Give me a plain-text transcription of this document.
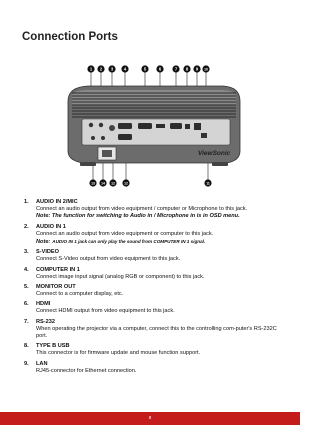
Connection Ports
ViewSonic
1 2 3	4	5	6	7 8 9 10
13 14 12	12	11
1. AUDIO IN 2/MIC
Connect an audio output from video equipment / computer or Microphone to this jack.
Note: The function for switching to Audio in / Microphone in is in OSD menu.
2. AUDIO IN 1
Connect an audio output from video equipment or computer to this jack.
Note: AUDIO IN 1 jack can only play the sound from COMPUTER IN 1 signal.
3. S-VIDEO
Connect S-Video output from video equipment to this jack.
4. COMPUTER IN 1
Connect image input signal (analog RGB or component) to this jack.
5. MONITOR OUT
Connect to a computer display, etc.
6. HDMI
Connect HDMI output from video equipment to this jack.
7. RS-232
When operating the projector via a computer, connect this to the controlling com-puter's RS-232C port.
8. TYPE B USB
This connector is for firmware update and mouse function support.
9. LAN
RJ45-connector for Ethernet connection.
8
